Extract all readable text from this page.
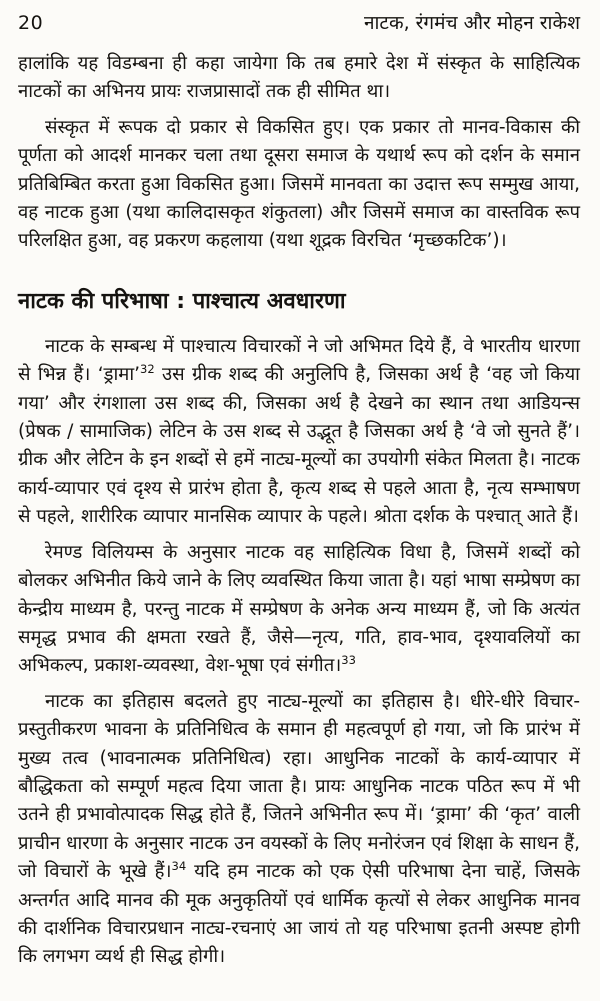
20	नाटक, रंगमंच और मोहन राकेश

हालांकि यह विडम्बना ही कहा जायेगा कि तब हमारे देश में संस्कृत के साहित्यिक नाटकों का अभिनय प्रायः राजप्रासादों तक ही सीमित था।

संस्कृत में रूपक दो प्रकार से विकसित हुए। एक प्रकार तो मानव-विकास की पूर्णता को आदर्श मानकर चला तथा दूसरा समाज के यथार्थ रूप को दर्शन के समान प्रतिबिम्बित करता हुआ विकसित हुआ। जिसमें मानवता का उदात्त रूप सम्मुख आया, वह नाटक हुआ (यथा कालिदासकृत शंकुतला) और जिसमें समाज का वास्तविक रूप परिलक्षित हुआ, वह प्रकरण कहलाया (यथा शूद्रक विरचित ‘मृच्छकटिक’)।

नाटक की परिभाषा : पाश्चात्य अवधारणा

नाटक के सम्बन्ध में पाश्चात्य विचारकों ने जो अभिमत दिये हैं, वे भारतीय धारणा से भिन्न हैं। ‘ड्रामा’$^{32}$ उस ग्रीक शब्द की अनुलिपि है, जिसका अर्थ है ‘वह जो किया गया’ और रंगशाला उस शब्द की, जिसका अर्थ है देखने का स्थान तथा आडियन्स (प्रेषक / सामाजिक) लेटिन के उस शब्द से उद्भूत है जिसका अर्थ है ‘वे जो सुनते हैं’। ग्रीक और लेटिन के इन शब्दों से हमें नाट्य-मूल्यों का उपयोगी संकेत मिलता है। नाटक कार्य-व्यापार एवं दृश्य से प्रारंभ होता है, कृत्य शब्द से पहले आता है, नृत्य सम्भाषण से पहले, शारीरिक व्यापार मानसिक व्यापार के पहले। श्रोता दर्शक के पश्चात् आते हैं।

रेमण्ड विलियम्स के अनुसार नाटक वह साहित्यिक विधा है, जिसमें शब्दों को बोलकर अभिनीत किये जाने के लिए व्यवस्थित किया जाता है। यहां भाषा सम्प्रेषण का केन्द्रीय माध्यम है, परन्तु नाटक में सम्प्रेषण के अनेक अन्य माध्यम हैं, जो कि अत्यंत समृद्ध प्रभाव की क्षमता रखते हैं, जैसे—नृत्य, गति, हाव-भाव, दृश्यावलियों का अभिकल्प, प्रकाश-व्यवस्था, वेश-भूषा एवं संगीत।$^{33}$

नाटक का इतिहास बदलते हुए नाट्य-मूल्यों का इतिहास है। धीरे-धीरे विचार-प्रस्तुतीकरण भावना के प्रतिनिधित्व के समान ही महत्वपूर्ण हो गया, जो कि प्रारंभ में मुख्य तत्व (भावनात्मक प्रतिनिधित्व) रहा। आधुनिक नाटकों के कार्य-व्यापार में बौद्धिकता को सम्पूर्ण महत्व दिया जाता है। प्रायः आधुनिक नाटक पठित रूप में भी उतने ही प्रभावोत्पादक सिद्ध होते हैं, जितने अभिनीत रूप में। ‘ड्रामा’ की ‘कृत’ वाली प्राचीन धारणा के अनुसार नाटक उन वयस्कों के लिए मनोरंजन एवं शिक्षा के साधन हैं, जो विचारों के भूखे हैं।$^{34}$ यदि हम नाटक को एक ऐसी परिभाषा देना चाहें, जिसके अन्तर्गत आदि मानव की मूक अनुकृतियों एवं धार्मिक कृत्यों से लेकर आधुनिक मानव की दार्शनिक विचारप्रधान नाट्य-रचनाएं आ जायं तो यह परिभाषा इतनी अस्पष्ट होगी कि लगभग व्यर्थ ही सिद्ध होगी।
